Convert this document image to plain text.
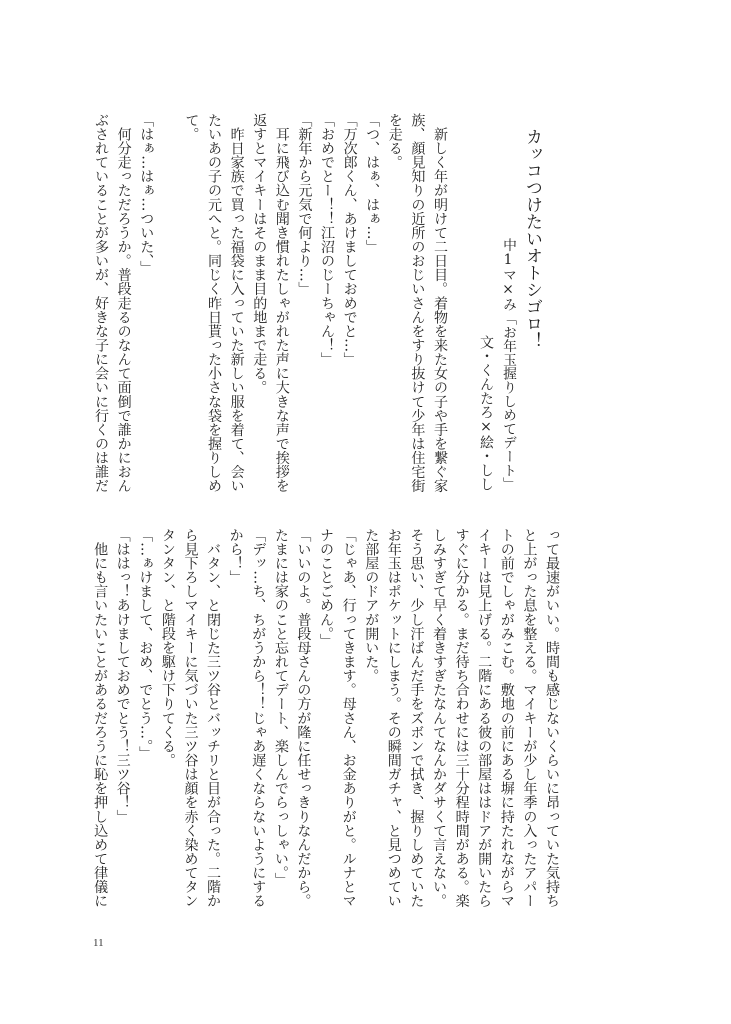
カッコつけたいオトシゴロ！
中1マ×み「お年玉握りしめてデート」
文・くんたろ×絵・しし
　新しく年が明けて二日目。着物を来た女の子や手を繋ぐ家
族、顔見知りの近所のおじいさんをすり抜けて少年は住宅街
を走る。
「つ、はぁ、はぁ…」
「万次郎くん、あけましておめでと…」
「おめでとー！！江沼のじーちゃん！」
「新年から元気で何より…」
　耳に飛び込む聞き慣れたしゃがれた声に大きな声で挨拶を
返すとマイキーはそのまま目的地まで走る。
　昨日家族で買った福袋に入っていた新しい服を着て、会い
たいあの子の元へと。同じく昨日貰った小さな袋を握りしめ
て。
「はぁ…はぁ…ついた、」
　何分走っただろうか。普段走るのなんて面倒で誰かにおん
ぶされていることが多いが、好きな子に会いに行くのは誰だ
って最速がいい。時間も感じないくらいに昂っていた気持ち
と上がった息を整える。マイキーが少し年季の入ったアパー
トの前でしゃがみこむ。敷地の前にある塀に持たれながらマ
イキーは見上げる。二階にある彼の部屋ははドアが開いたら
すぐに分かる。まだ待ち合わせには三十分程時間がある。楽
しみすぎて早く着きすぎたなんてなんかダサくて言えない。
そう思い、少し汗ばんだ手をズボンで拭き、握りしめていた
お年玉はポケットにしまう。その瞬間ガチャ、と見つめてい
た部屋のドアが開いた。
「じゃあ、行ってきます。母さん、お金ありがと。ルナとマ
ナのことごめん。」
「いいのよ。普段母さんの方が隆に任せっきりなんだから。
たまには家のこと忘れてデート、楽しんでらっしゃい。」
「デッ…ち、ちがうから！！じゃあ遅くならないようにする
から！」
　バタン、と閉じた三ツ谷とバッチリと目が合った。二階か
ら見下ろしマイキーに気づいた三ツ谷は顔を赤く染めてタン
タンタン、と階段を駆け下りてくる。
「…ぁけまして、おめ、でとう…。」
「ははっ！あけましておめでとう！三ツ谷！」
　他にも言いたいことがあるだろうに恥を押し込めて律儀に
11
